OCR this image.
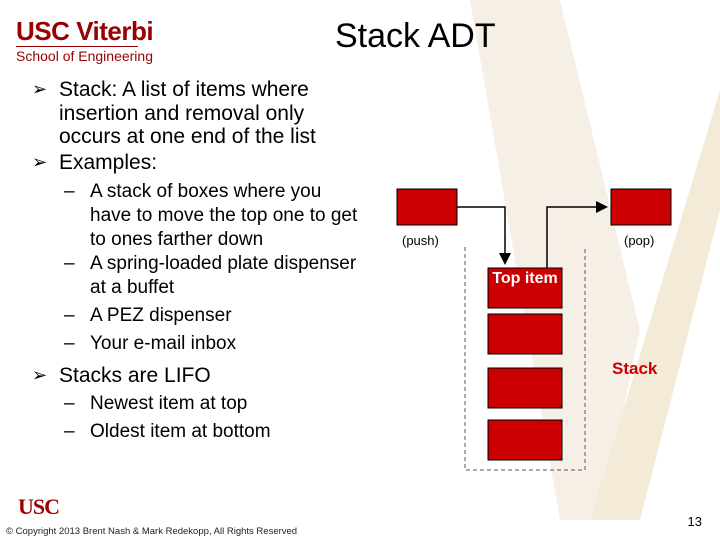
USC Viterbi
School of Engineering
Stack ADT
➢ Stack: A list of items where insertion and removal only occurs at one end of the list
➢ Examples:
– A stack of boxes where you have to move the top one to get to ones farther down
– A spring-loaded plate dispenser at a buffet
– A PEZ dispenser
– Your e-mail inbox
➢ Stacks are LIFO
– Newest item at top
– Oldest item at bottom
(push)	(pop)
Top item
Stack
USC
© Copyright 2013 Brent Nash & Mark Redekopp, All Rights Reserved
13
